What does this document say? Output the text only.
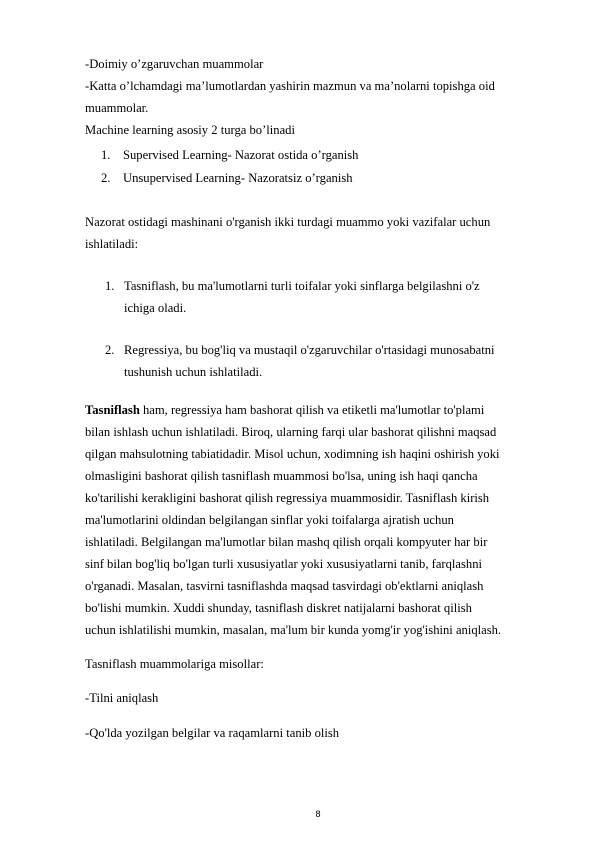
-Doimiy o’zgaruvchan muammolar
-Katta o’lchamdagi ma’lumotlardan yashirin mazmun va ma’nolarni topishga oid
muammolar.
Machine learning asosiy 2 turga bo’linadi
1. Supervised Learning- Nazorat ostida o’rganish
2. Unsupervised Learning- Nazoratsiz o’rganish
Nazorat ostidagi mashinani o'rganish ikki turdagi muammo yoki vazifalar uchun
ishlatiladi:
1. Tasniflash, bu ma'lumotlarni turli toifalar yoki sinflarga belgilashni o'z
ichiga oladi.
2. Regressiya, bu bog'liq va mustaqil o'zgaruvchilar o'rtasidagi munosabatni
tushunish uchun ishlatiladi.
Tasniflash ham, regressiya ham bashorat qilish va etiketli ma'lumotlar to'plami
bilan ishlash uchun ishlatiladi. Biroq, ularning farqi ular bashorat qilishni maqsad
qilgan mahsulotning tabiatidadir. Misol uchun, xodimning ish haqini oshirish yoki
olmasligini bashorat qilish tasniflash muammosi bo'lsa, uning ish haqi qancha
ko'tarilishi kerakligini bashorat qilish regressiya muammosidir. Tasniflash kirish
ma'lumotlarini oldindan belgilangan sinflar yoki toifalarga ajratish uchun
ishlatiladi. Belgilangan ma'lumotlar bilan mashq qilish orqali kompyuter har bir
sinf bilan bog'liq bo'lgan turli xususiyatlar yoki xususiyatlarni tanib, farqlashni
o'rganadi. Masalan, tasvirni tasniflashda maqsad tasvirdagi ob'ektlarni aniqlash
bo'lishi mumkin. Xuddi shunday, tasniflash diskret natijalarni bashorat qilish
uchun ishlatilishi mumkin, masalan, ma'lum bir kunda yomg'ir yog'ishini aniqlash.
Tasniflash muammolariga misollar:
-Tilni aniqlash
-Qo'lda yozilgan belgilar va raqamlarni tanib olish
8
